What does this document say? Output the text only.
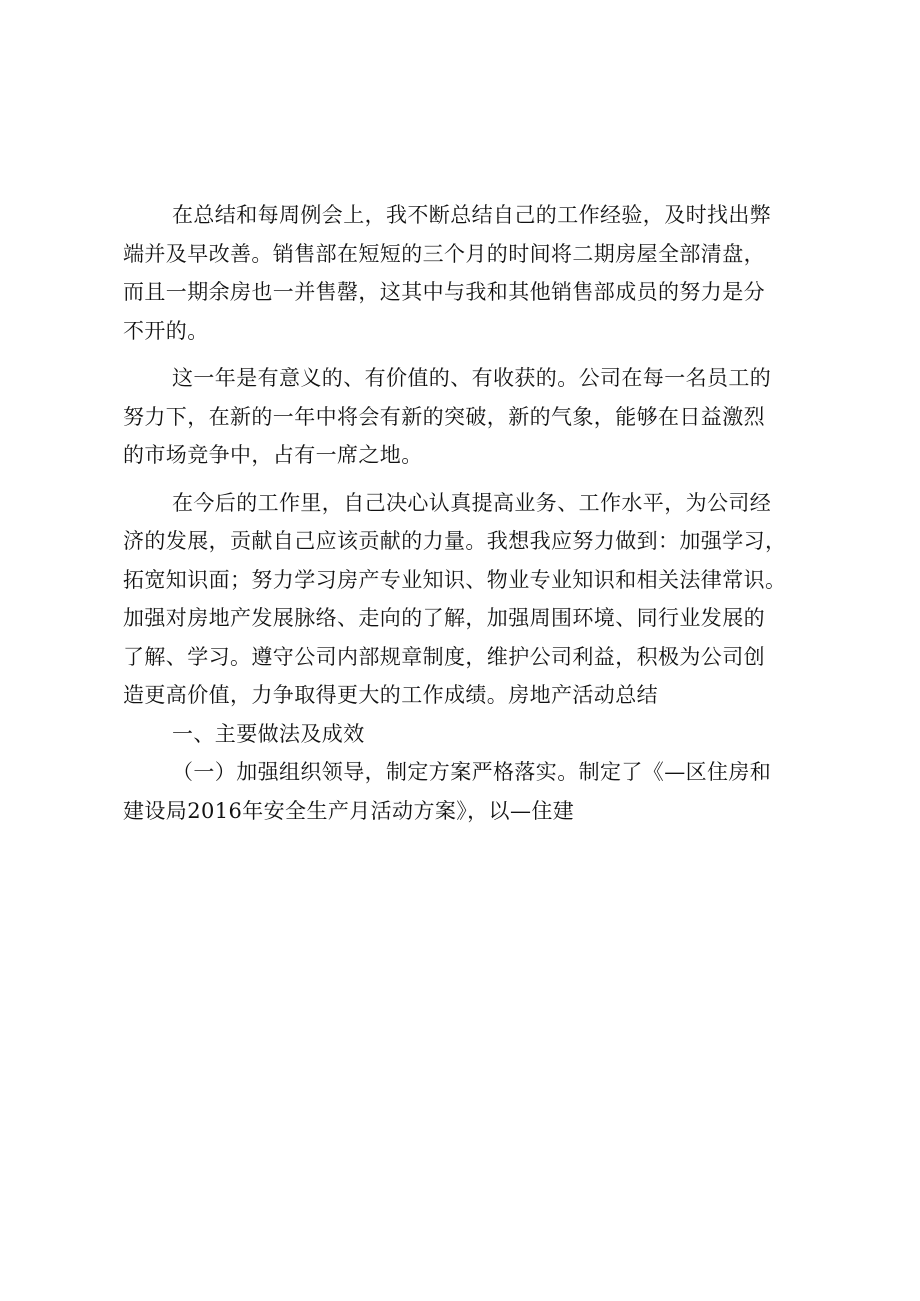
在总结和每周例会上，我不断总结自己的工作经验，及时找出弊
端并及早改善。销售部在短短的三个月的时间将二期房屋全部清盘，
而且一期余房也一并售罄，这其中与我和其他销售部成员的努力是分
不开的。
这一年是有意义的、有价值的、有收获的。公司在每一名员工的
努力下，在新的一年中将会有新的突破，新的气象，能够在日益激烈
的市场竞争中，占有一席之地。
在今后的工作里，自己决心认真提高业务、工作水平，为公司经
济的发展，贡献自己应该贡献的力量。我想我应努力做到：加强学习，
拓宽知识面；努力学习房产专业知识、物业专业知识和相关法律常识。
加强对房地产发展脉络、走向的了解，加强周围环境、同行业发展的
了解、学习。遵守公司内部规章制度，维护公司利益，积极为公司创
造更高价值，力争取得更大的工作成绩。房地产活动总结
一、主要做法及成效
（一）加强组织领导，制定方案严格落实。制定了《—区住房和
建设局2016年安全生产月活动方案》，以—住建
